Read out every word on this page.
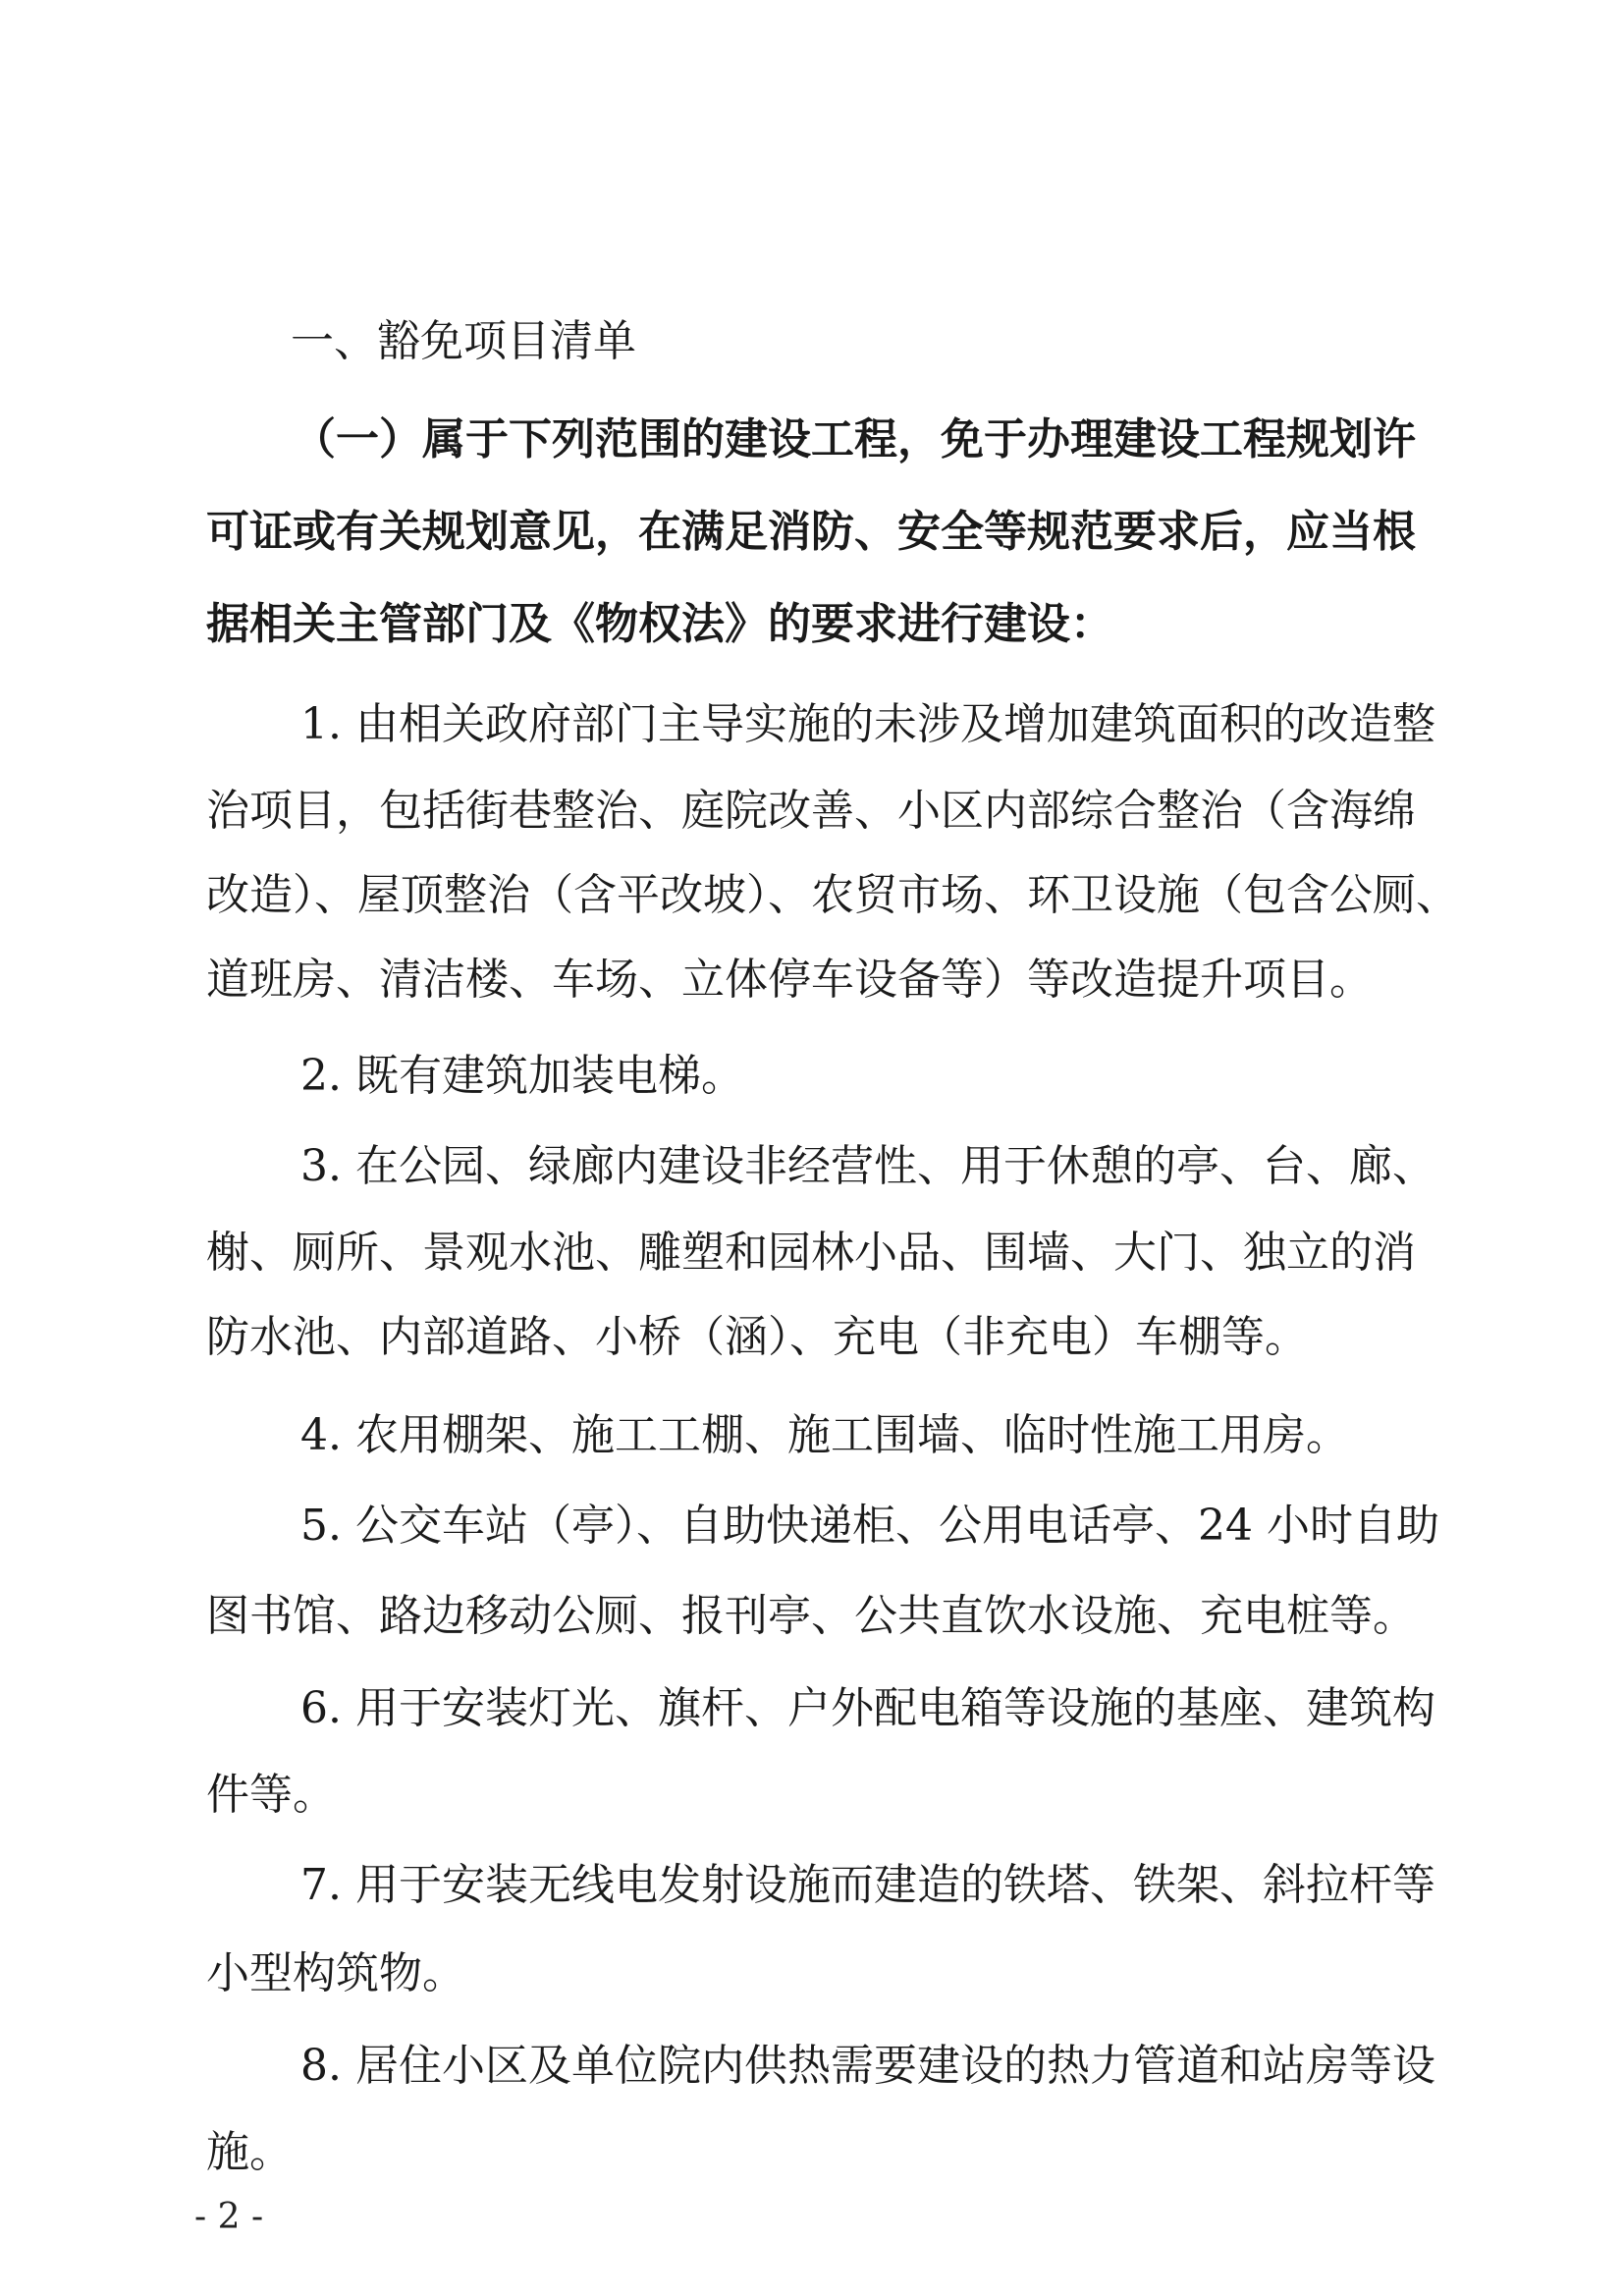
一、豁免项目清单

（一）属于下列范围的建设工程，免于办理建设工程规划许

可证或有关规划意见，在满足消防、安全等规范要求后，应当根

据相关主管部门及《物权法》的要求进行建设：

1. 由相关政府部门主导实施的未涉及增加建筑面积的改造整

治项目，包括街巷整治、庭院改善、小区内部综合整治（含海绵

改造）、屋顶整治（含平改坡）、农贸市场、环卫设施（包含公厕、

道班房、清洁楼、车场、立体停车设备等）等改造提升项目。

2. 既有建筑加装电梯。

3. 在公园、绿廊内建设非经营性、用于休憩的亭、台、廊、

榭、厕所、景观水池、雕塑和园林小品、围墙、大门、独立的消

防水池、内部道路、小桥（涵）、充电（非充电）车棚等。

4. 农用棚架、施工工棚、施工围墙、临时性施工用房。

5. 公交车站（亭）、自助快递柜、公用电话亭、24 小时自助

图书馆、路边移动公厕、报刊亭、公共直饮水设施、充电桩等。

6. 用于安装灯光、旗杆、户外配电箱等设施的基座、建筑构

件等。

7. 用于安装无线电发射设施而建造的铁塔、铁架、斜拉杆等

小型构筑物。

8. 居住小区及单位院内供热需要建设的热力管道和站房等设

施。

- 2 -
